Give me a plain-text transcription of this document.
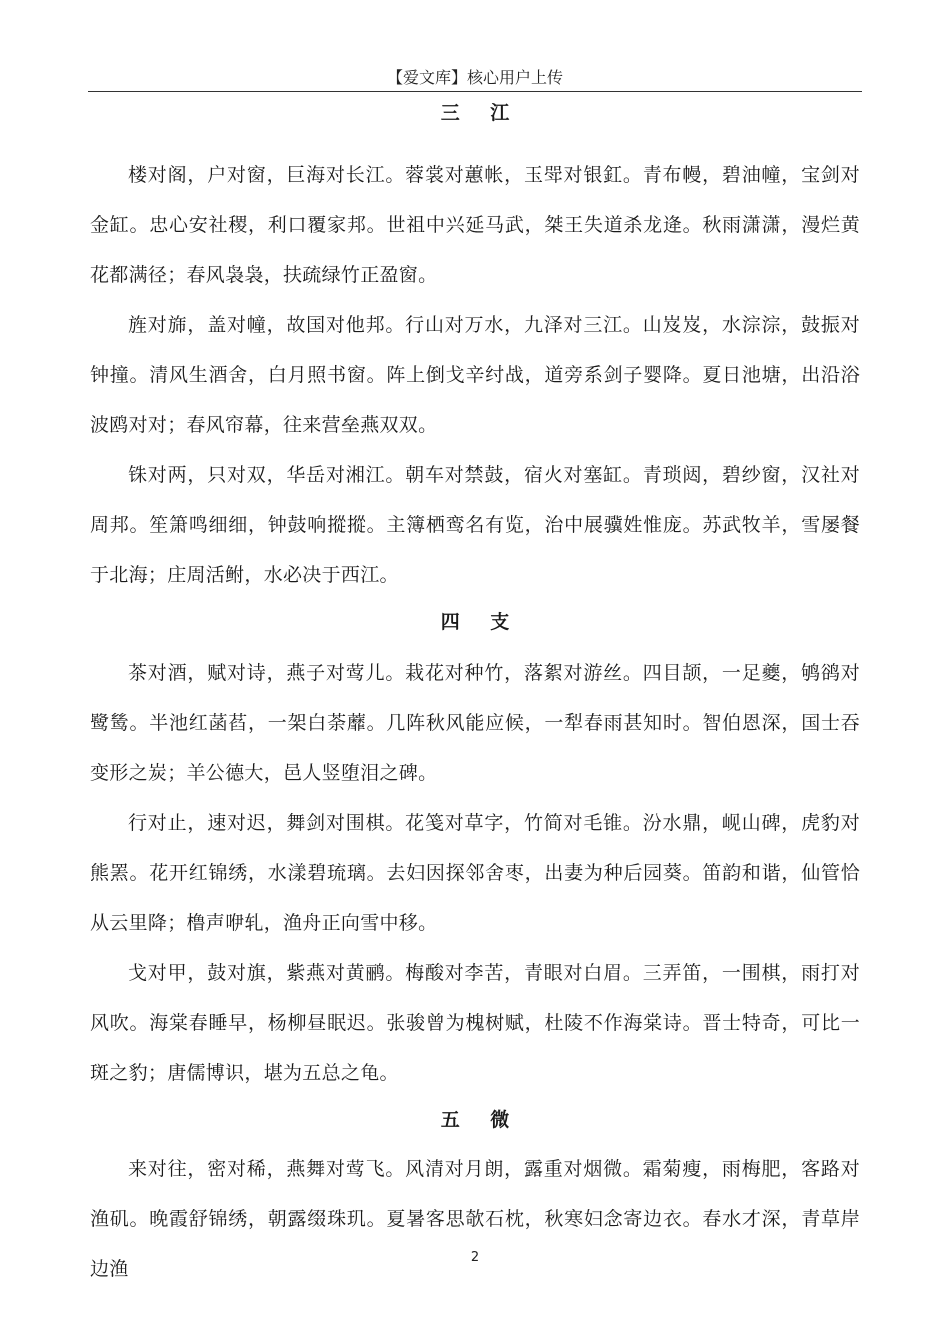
【爱文库】核心用户上传
三 江

楼对阁，户对窗，巨海对长江。蓉裳对蕙帐，玉斝对银釭。青布幔，碧油幢，宝剑对金缸。忠心安社稷，利口覆家邦。世祖中兴延马武，桀王失道杀龙逄。秋雨潇潇，漫烂黄花都满径；春风袅袅，扶疏绿竹正盈窗。

旌对旆，盖对幢，故国对他邦。行山对万水，九泽对三江。山岌岌，水淙淙，鼓振对钟撞。清风生酒舍，白月照书窗。阵上倒戈辛纣战，道旁系剑子婴降。夏日池塘，出沿浴波鸥对对；春风帘幕，往来营垒燕双双。

铢对两，只对双，华岳对湘江。朝车对禁鼓，宿火对塞缸。青琐闼，碧纱窗，汉社对周邦。笙箫鸣细细，钟鼓响摐摐。主簿栖鸾名有览，治中展骥姓惟庞。苏武牧羊，雪屡餐于北海；庄周活鲋，水必决于西江。

四 支

茶对酒，赋对诗，燕子对莺儿。栽花对种竹，落絮对游丝。四目颉，一足夔，鸲鹆对鹭鸶。半池红菡萏，一架白荼蘼。几阵秋风能应候，一犁春雨甚知时。智伯恩深，国士吞变形之炭；羊公德大，邑人竖堕泪之碑。

行对止，速对迟，舞剑对围棋。花笺对草字，竹简对毛锥。汾水鼎，岘山碑，虎豹对熊罴。花开红锦绣，水漾碧琉璃。去妇因探邻舍枣，出妻为种后园葵。笛韵和谐，仙管恰从云里降；橹声咿轧，渔舟正向雪中移。

戈对甲，鼓对旗，紫燕对黄鹂。梅酸对李苦，青眼对白眉。三弄笛，一围棋，雨打对风吹。海棠春睡早，杨柳昼眠迟。张骏曾为槐树赋，杜陵不作海棠诗。晋士特奇，可比一斑之豹；唐儒博识，堪为五总之龟。

五 微

来对往，密对稀，燕舞对莺飞。风清对月朗，露重对烟微。霜菊瘦，雨梅肥，客路对渔矶。晚霞舒锦绣，朝露缀珠玑。夏暑客思欹石枕，秋寒妇念寄边衣。春水才深，青草岸边渔

2
